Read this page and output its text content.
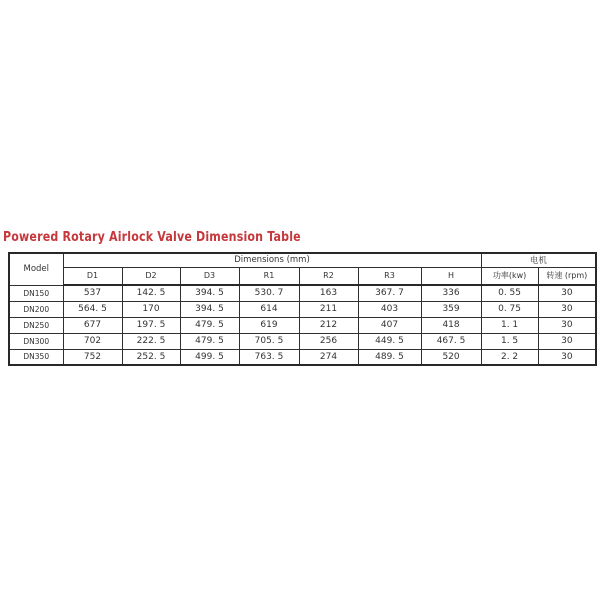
Powered Rotary Airlock Valve Dimension Table
Model	Dimensions (mm)							电机	
	D1	D2	D3	R1	R2	R3	H	功率(kw)	转速 (rpm)
DN150	537	142. 5	394. 5	530. 7	163	367. 7	336	0. 55	30
DN200	564. 5	170	394. 5	614	211	403	359	0. 75	30
DN250	677	197. 5	479. 5	619	212	407	418	1. 1	30
DN300	702	222. 5	479. 5	705. 5	256	449. 5	467. 5	1. 5	30
DN350	752	252. 5	499. 5	763. 5	274	489. 5	520	2. 2	30
